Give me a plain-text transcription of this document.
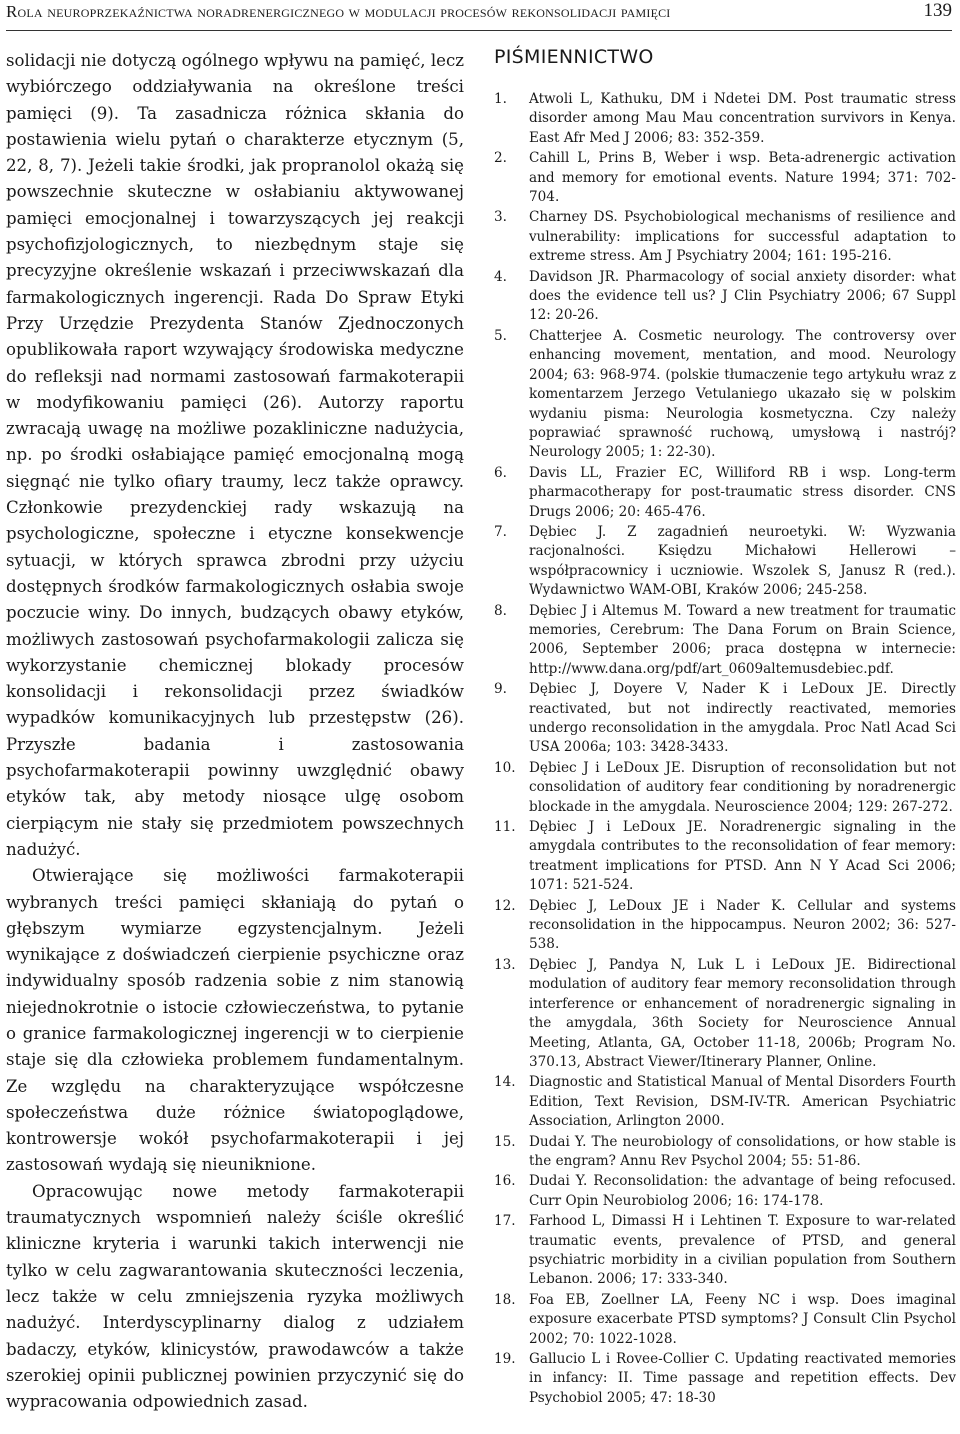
Rola neuroprzekaźnictwa noradrenergicznego w modulacji procesów rekonsolidacji pamięci	139

solidacji nie dotyczą ogólnego wpływu na pamięć, lecz wybiórczego oddziaływania na określone treści pamięci (9). Ta zasadnicza różnica skłania do postawienia wielu pytań o charakterze etycznym (5, 22, 8, 7). Jeżeli takie środki, jak propranolol okażą się powszechnie skuteczne w osłabianiu aktywowanej pamięci emocjonalnej i towarzyszących jej reakcji psychofizjologicznych, to niezbędnym staje się precyzyjne określenie wskazań i przeciwwskazań dla farmakologicznych ingerencji. Rada Do Spraw Etyki Przy Urzędzie Prezydenta Stanów Zjednoczonych opublikowała raport wzywający środowiska medyczne do refleksji nad normami zastosowań farmakoterapii w modyfikowaniu pamięci (26). Autorzy raportu zwracają uwagę na możliwe pozakliniczne nadużycia, np. po środki osłabiające pamięć emocjonalną mogą sięgnąć nie tylko ofiary traumy, lecz także oprawcy. Członkowie prezydenckiej rady wskazują na psychologiczne, społeczne i etyczne konsekwencje sytuacji, w których sprawca zbrodni przy użyciu dostępnych środków farmakologicznych osłabia swoje poczucie winy. Do innych, budzących obawy etyków, możliwych zastosowań psychofarmakologii zalicza się wykorzystanie chemicznej blokady procesów konsolidacji i rekonsolidacji przez świadków wypadków komunikacyjnych lub przestępstw (26). Przyszłe badania i zastosowania psychofarmakoterapii powinny uwzględnić obawy etyków tak, aby metody niosące ulgę osobom cierpiącym nie stały się przedmiotem powszechnych nadużyć.

Otwierające się możliwości farmakoterapii wybranych treści pamięci skłaniają do pytań o głębszym wymiarze egzystencjalnym. Jeżeli wynikające z doświadczeń cierpienie psychiczne oraz indywidualny sposób radzenia sobie z nim stanowią niejednokrotnie o istocie człowieczeństwa, to pytanie o granice farmakologicznej ingerencji w to cierpienie staje się dla człowieka problemem fundamentalnym. Ze względu na charakteryzujące współczesne społeczeństwa duże różnice światopoglądowe, kontrowersje wokół psychofarmakoterapii i jej zastosowań wydają się nieuniknione.

Opracowując nowe metody farmakoterapii traumatycznych wspomnień należy ściśle określić kliniczne kryteria i warunki takich interwencji nie tylko w celu zagwarantowania skuteczności leczenia, lecz także w celu zmniejszenia ryzyka możliwych nadużyć. Interdyscyplinarny dialog z udziałem badaczy, etyków, klinicystów, prawodawców a także szerokiej opinii publicznej powinien przyczynić się do wypracowania odpowiednich zasad.

PIŚMIENNICTWO
1. Atwoli L, Kathuku, DM i Ndetei DM. Post traumatic stress disorder among Mau Mau concentration survivors in Kenya. East Afr Med J 2006; 83: 352-359.
2. Cahill L, Prins B, Weber i wsp. Beta-adrenergic activation and memory for emotional events. Nature 1994; 371: 702-704.
3. Charney DS. Psychobiological mechanisms of resilience and vulnerability: implications for successful adaptation to extreme stress. Am J Psychiatry 2004; 161: 195-216.
4. Davidson JR. Pharmacology of social anxiety disorder: what does the evidence tell us? J Clin Psychiatry 2006; 67 Suppl 12: 20-26.
5. Chatterjee A. Cosmetic neurology. The controversy over enhancing movement, mentation, and mood. Neurology 2004; 63: 968-974. (polskie tłumaczenie tego artykułu wraz z komentarzem Jerzego Vetulaniego ukazało się w polskim wydaniu pisma: Neurologia kosmetyczna. Czy należy poprawiać sprawność ruchową, umysłową i nastrój? Neurology 2005; 1: 22-30).
6. Davis LL, Frazier EC, Williford RB i wsp. Long-term pharmacotherapy for post-traumatic stress disorder. CNS Drugs 2006; 20: 465-476.
7. Dębiec J. Z zagadnień neuroetyki. W: Wyzwania racjonalności. Księdzu Michałowi Hellerowi – współpracownicy i uczniowie. Wszolek S, Janusz R (red.). Wydawnictwo WAM-OBI, Kraków 2006; 245-258.
8. Dębiec J i Altemus M. Toward a new treatment for traumatic memories, Cerebrum: The Dana Forum on Brain Science, 2006, September 2006; praca dostępna w internecie: http://www.dana.org/pdf/art_0609altemusdebiec.pdf.
9. Dębiec J, Doyere V, Nader K i LeDoux JE. Directly reactivated, but not indirectly reactivated, memories undergo reconsolidation in the amygdala. Proc Natl Acad Sci USA 2006a; 103: 3428-3433.
10. Dębiec J i LeDoux JE. Disruption of reconsolidation but not consolidation of auditory fear conditioning by noradrenergic blockade in the amygdala. Neuroscience 2004; 129: 267-272.
11. Dębiec J i LeDoux JE. Noradrenergic signaling in the amygdala contributes to the reconsolidation of fear memory: treatment implications for PTSD. Ann N Y Acad Sci 2006; 1071: 521-524.
12. Dębiec J, LeDoux JE i Nader K. Cellular and systems reconsolidation in the hippocampus. Neuron 2002; 36: 527-538.
13. Dębiec J, Pandya N, Luk L i LeDoux JE. Bidirectional modulation of auditory fear memory reconsolidation through interference or enhancement of noradrenergic signaling in the amygdala, 36th Society for Neuroscience Annual Meeting, Atlanta, GA, October 11-18, 2006b; Program No. 370.13, Abstract Viewer/Itinerary Planner, Online.
14. Diagnostic and Statistical Manual of Mental Disorders Fourth Edition, Text Revision, DSM-IV-TR. American Psychiatric Association, Arlington 2000.
15. Dudai Y. The neurobiology of consolidations, or how stable is the engram? Annu Rev Psychol 2004; 55: 51-86.
16. Dudai Y. Reconsolidation: the advantage of being refocused. Curr Opin Neurobiolog 2006; 16: 174-178.
17. Farhood L, Dimassi H i Lehtinen T. Exposure to war-related traumatic events, prevalence of PTSD, and general psychiatric morbidity in a civilian population from Southern Lebanon. 2006; 17: 333-340.
18. Foa EB, Zoellner LA, Feeny NC i wsp. Does imaginal exposure exacerbate PTSD symptoms? J Consult Clin Psychol 2002; 70: 1022-1028.
19. Gallucio L i Rovee-Collier C. Updating reactivated memories in infancy: II. Time passage and repetition effects. Dev Psychobiol 2005; 47: 18-30
